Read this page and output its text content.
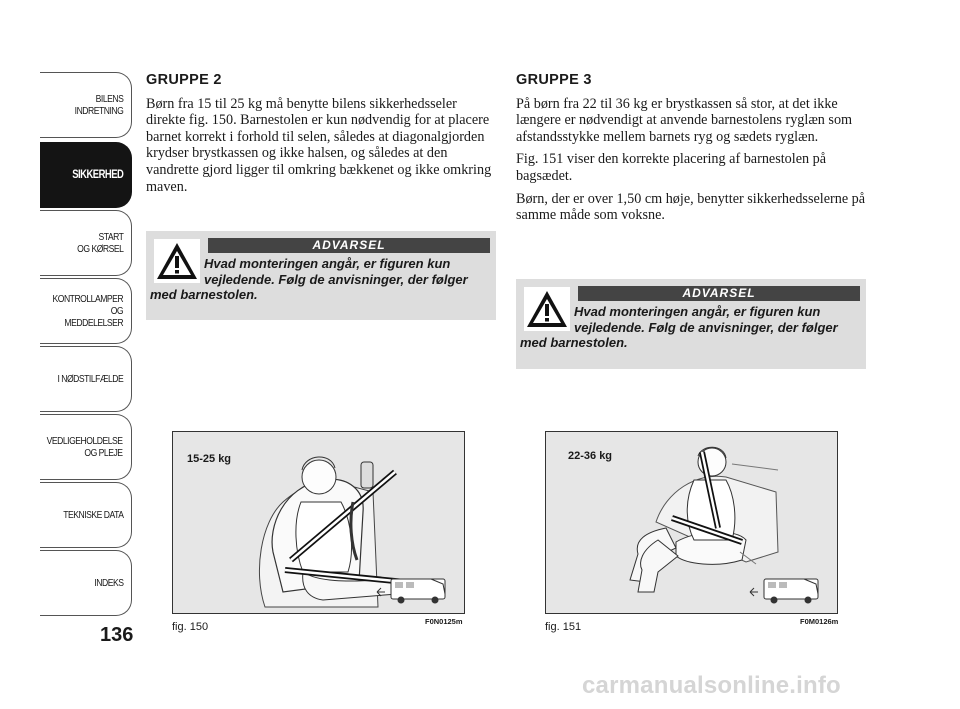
BILENS
INDRETNING
SIKKERHED
START
OG KØRSEL
KONTROLLAMPER
OG MEDDELELSER
I NØDSTILFÆLDE
VEDLIGEHOLDELSE
OG PLEJE
TEKNISKE DATA
INDEKS
136
GRUPPE 2

Børn fra 15 til 25 kg må benytte bilens sikkerhedsseler direkte fig. 150. Barnestolen er kun nødvendig for at placere barnet korrekt i forhold til selen, således at diagonalgjorden krydser brystkassen og ikke halsen, og således at den vandrette gjord ligger til omkring bækkenet og ikke omkring maven.

ADVARSEL
Hvad monteringen angår, er figuren kun vejledende. Følg de anvisninger, der følger med barnestolen.
15-25 kg
fig. 150	F0N0125m
GRUPPE 3

På børn fra 22 til 36 kg er brystkassen så stor, at det ikke længere er nødvendigt at anvende barnestolens ryglæn som afstandsstykke mellem barnets ryg og sædets ryglæn.

Fig. 151 viser den korrekte placering af barnestolen på bagsædet.

Børn, der er over 1,50 cm høje, benytter sikkerhedsselerne på samme måde som voksne.

ADVARSEL
Hvad monteringen angår, er figuren kun vejledende. Følg de anvisninger, der følger med barnestolen.
22-36 kg
fig. 151	F0M0126m
carmanualsonline.info
